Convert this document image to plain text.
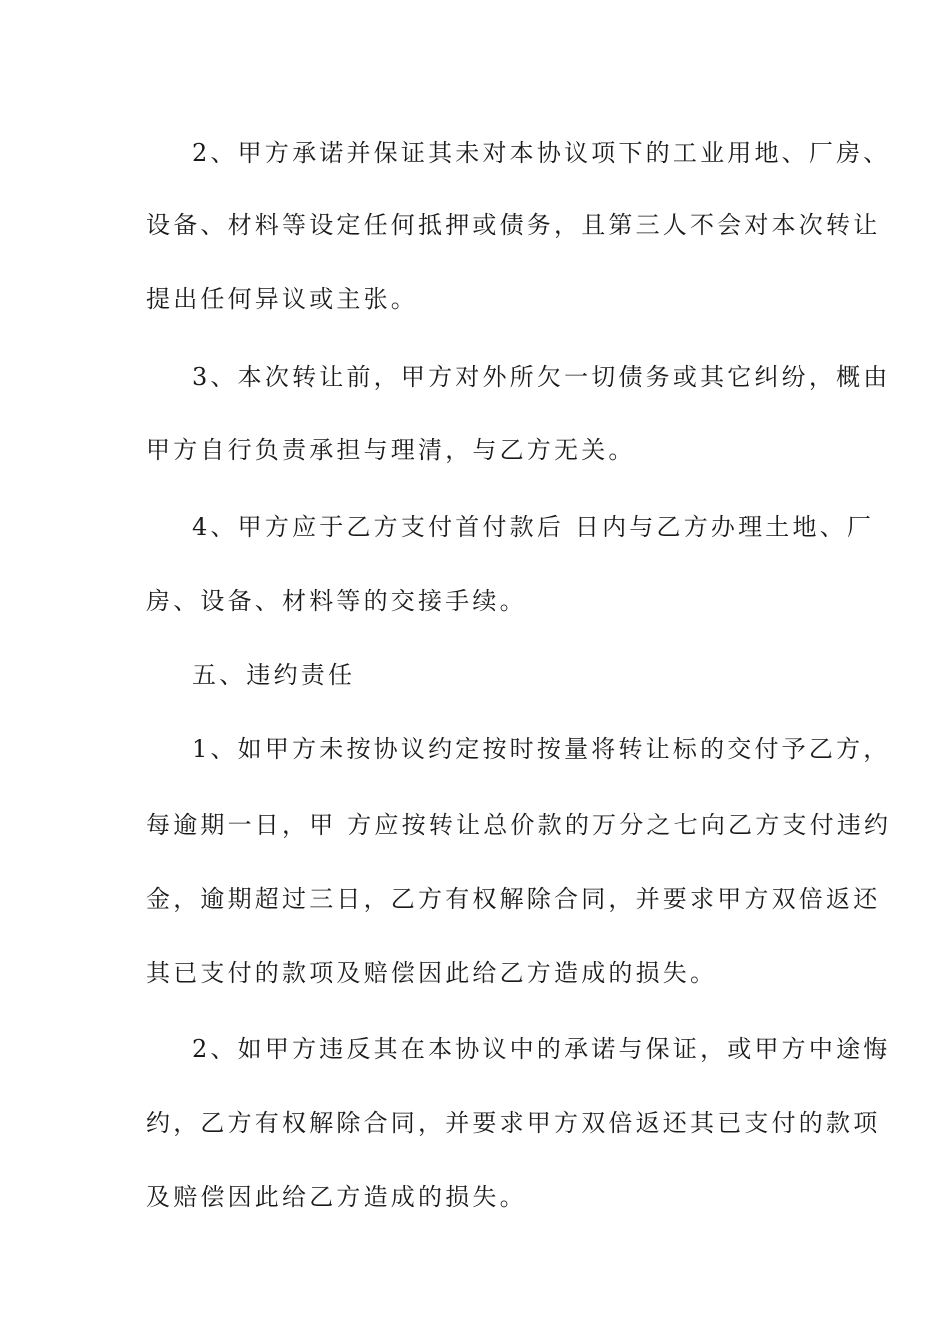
2、甲方承诺并保证其未对本协议项下的工业用地、厂房、
设备、材料等设定任何抵押或债务，且第三人不会对本次转让
提出任何异议或主张。
3、本次转让前，甲方对外所欠一切债务或其它纠纷，概由
甲方自行负责承担与理清，与乙方无关。
4、甲方应于乙方支付首付款后 日内与乙方办理土地、厂
房、设备、材料等的交接手续。
五、违约责任
1、如甲方未按协议约定按时按量将转让标的交付予乙方，
每逾期一日，甲 方应按转让总价款的万分之七向乙方支付违约
金，逾期超过三日，乙方有权解除合同，并要求甲方双倍返还
其已支付的款项及赔偿因此给乙方造成的损失。
2、如甲方违反其在本协议中的承诺与保证，或甲方中途悔
约，乙方有权解除合同，并要求甲方双倍返还其已支付的款项
及赔偿因此给乙方造成的损失。
